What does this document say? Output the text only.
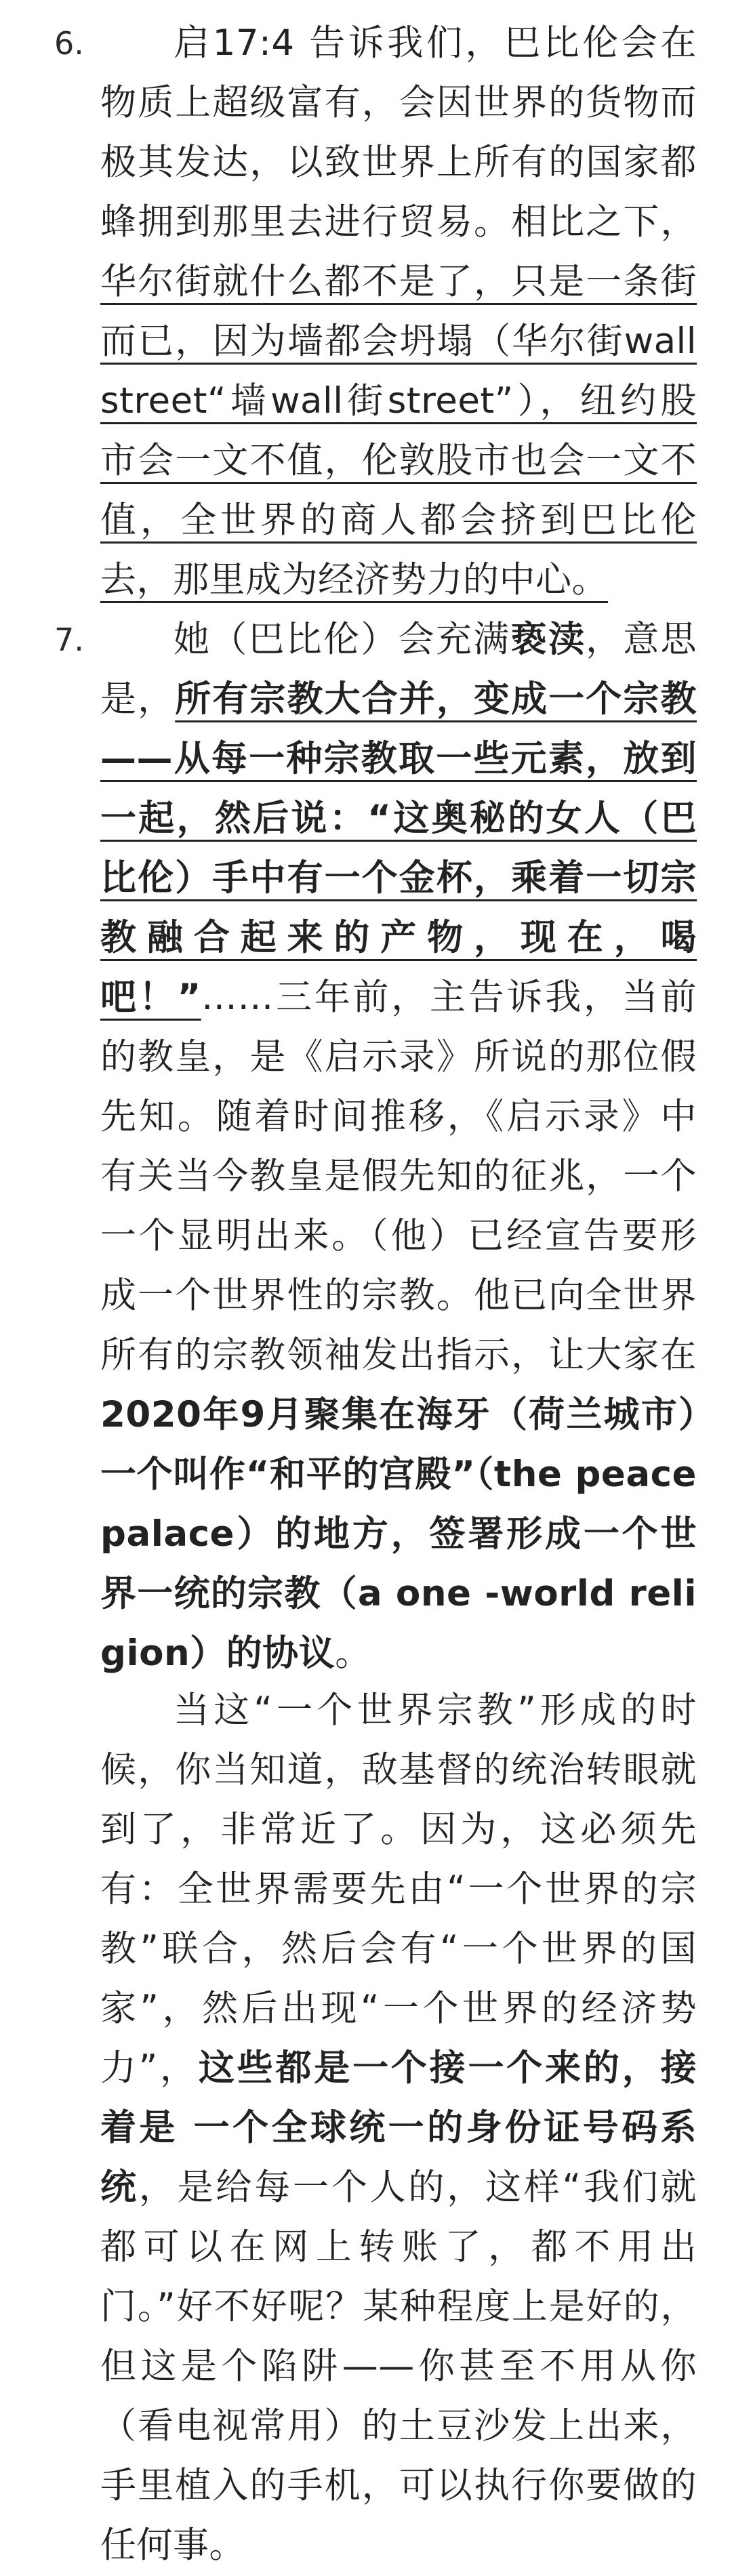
6.	启17:4 告诉我们，巴比伦会在物质上超级富有，会因世界的货物而极其发达，以致世界上所有的国家都蜂拥到那里去进行贸易。相比之下，华尔街就什么都不是了，只是一条街而已，因为墙都会坍塌（华尔街wallstreet“墙wall街street”），纽约股市会一文不值，伦敦股市也会一文不值，全世界的商人都会挤到巴比伦去，那里成为经济势力的中心。
7.	她（巴比伦）会充满亵渎，意思是，所有宗教大合并，变成一个宗教——从每一种宗教取一些元素，放到一起，然后说：“这奥秘的女人（巴比伦）手中有一个金杯，乘着一切宗教融合起来的产物，现在，喝吧！”……三年前，主告诉我，当前的教皇，是《启示录》所说的那位假先知。随着时间推移，《启示录》中有关当今教皇是假先知的征兆，一个一个显明出来。（他）已经宣告要形成一个世界性的宗教。他已向全世界所有的宗教领袖发出指示，让大家在2020年9月聚集在海牙（荷兰城市）一个叫作“和平的宫殿”（the peacepalace）的地方，签署形成一个世界一统的宗教（a one -world religion）的协议。
当这“一个世界宗教”形成的时候，你当知道，敌基督的统治转眼就到了，非常近了。因为，这必须先有：全世界需要先由“一个世界的宗教”联合，然后会有“一个世界的国家”，然后出现“一个世界的经济势力”，这些都是一个接一个来的，接着是 一个全球统一的身份证号码系统，是给每一个人的，这样“我们就都可以在网上转账了，都不用出门。”好不好呢？某种程度上是好的，但这是个陷阱——你甚至不用从你（看电视常用）的土豆沙发上出来，手里植入的手机，可以执行你要做的任何事。
